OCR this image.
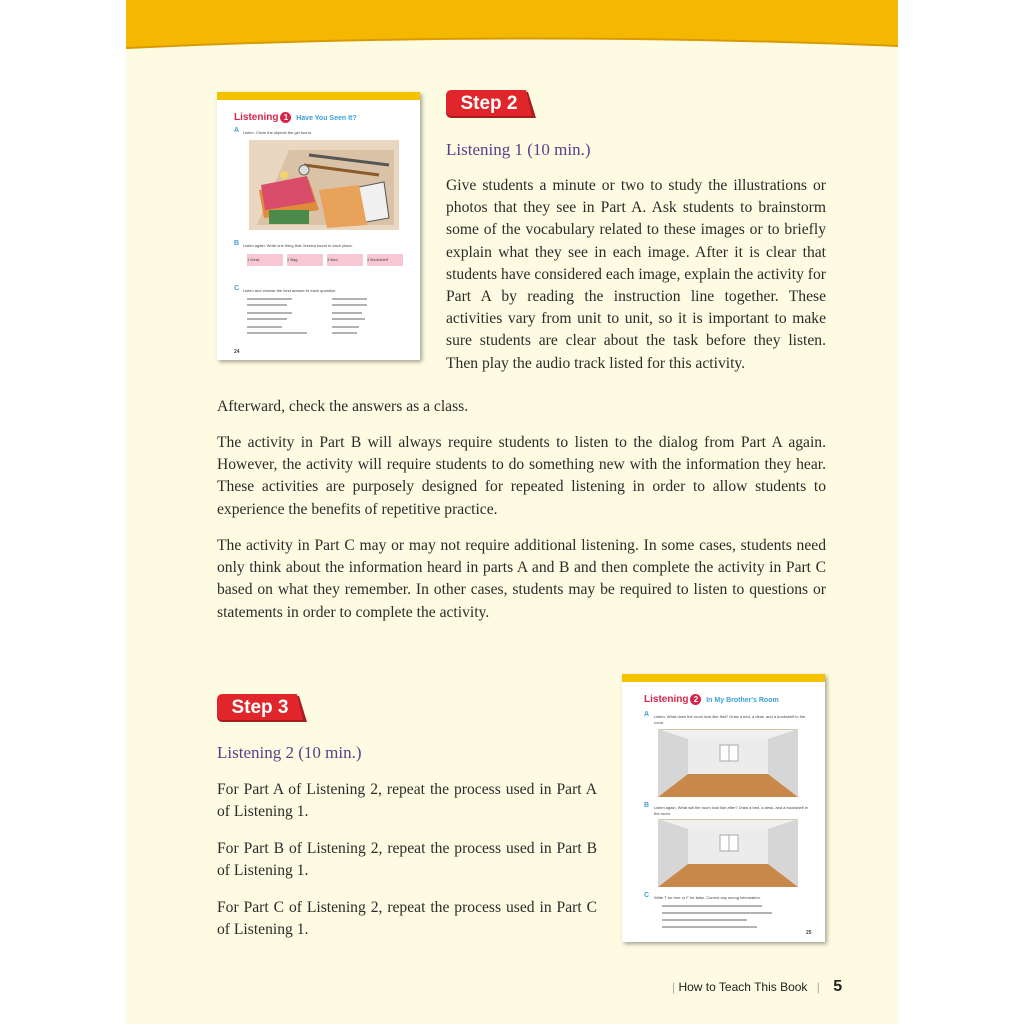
Listening 1 Have You Seen It?
A Listen. Circle the objects the girl found.
B Listen again. Write one thing that Jessica found in each place.
1 Desk	2 Bag	3 Bed	4 Bookshelf
C Listen and choose the best answer to each question.
24
Step 2
Listening 1 (10 min.)

Give students a minute or two to study the illustrations or photos that they see in Part A. Ask students to brainstorm some of the vocabulary related to these images or to briefly explain what they see in each image. After it is clear that students have considered each image, explain the activity for Part A by reading the instruction line together. These activities vary from unit to unit, so it is important to make sure students are clear about the task before they listen. Then play the audio track listed for this activity.

Afterward, check the answers as a class.

The activity in Part B will always require students to listen to the dialog from Part A again. However, the activity will require students to do something new with the information they hear. These activities are purposely designed for repeated listening in order to allow students to experience the benefits of repetitive practice.

The activity in Part C may or may not require additional listening. In some cases, students need only think about the information heard in parts A and B and then complete the activity in Part C based on what they remember. In other cases, students may be required to listen to questions or statements in order to complete the activity.

Step 3
Listening 2 (10 min.)

For Part A of Listening 2, repeat the process used in Part A of Listening 1.

For Part B of Listening 2, repeat the process used in Part B of Listening 1.

For Part C of Listening 2, repeat the process used in Part C of Listening 1.

Listening 2 In My Brother's Room
A Listen. What does the room look like first? Draw a bed, a desk, and a bookshelf in the room.
B Listen again. What will the room look like after? Draw a bed, a desk, and a bookshelf in the room.
C Write T for true or F for false. Correct any wrong information.
25
| How to Teach This Book | 5
